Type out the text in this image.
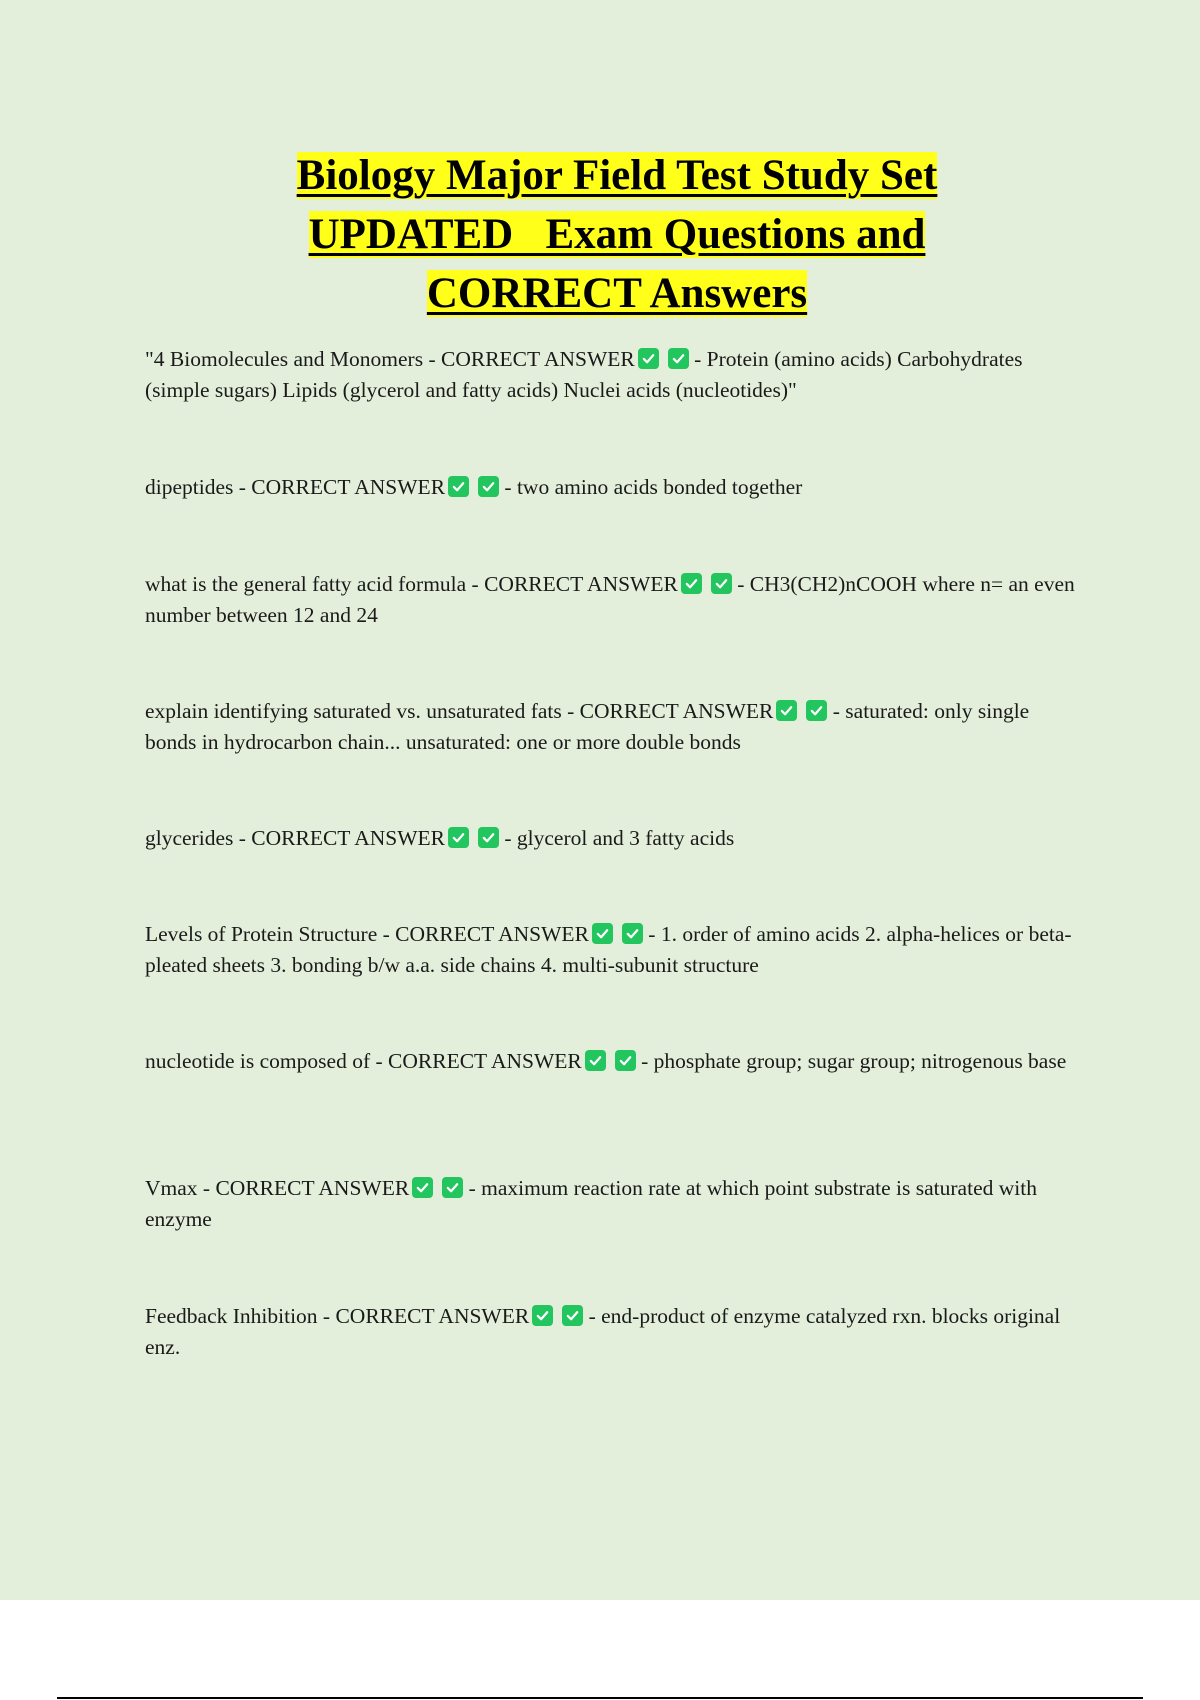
Biology Major Field Test Study Set
UPDATED   Exam Questions and
CORRECT Answers
"4 Biomolecules and Monomers - CORRECT ANSWER	- Protein (amino acids) Carbohydrates (simple sugars) Lipids (glycerol and fatty acids) Nuclei acids (nucleotides)"
dipeptides - CORRECT ANSWER	- two amino acids bonded together
what is the general fatty acid formula - CORRECT ANSWER	- CH3(CH2)nCOOH where n= an even number between 12 and 24
explain identifying saturated vs. unsaturated fats - CORRECT ANSWER	- saturated: only single bonds in hydrocarbon chain... unsaturated: one or more double bonds
glycerides - CORRECT ANSWER	- glycerol and 3 fatty acids
Levels of Protein Structure - CORRECT ANSWER	- 1. order of amino acids 2. alpha-helices or beta-pleated sheets 3. bonding b/w a.a. side chains 4. multi-subunit structure
nucleotide is composed of - CORRECT ANSWER	- phosphate group; sugar group; nitrogenous base
Vmax - CORRECT ANSWER	- maximum reaction rate at which point substrate is saturated with enzyme
Feedback Inhibition - CORRECT ANSWER	- end-product of enzyme catalyzed rxn. blocks original enz.
